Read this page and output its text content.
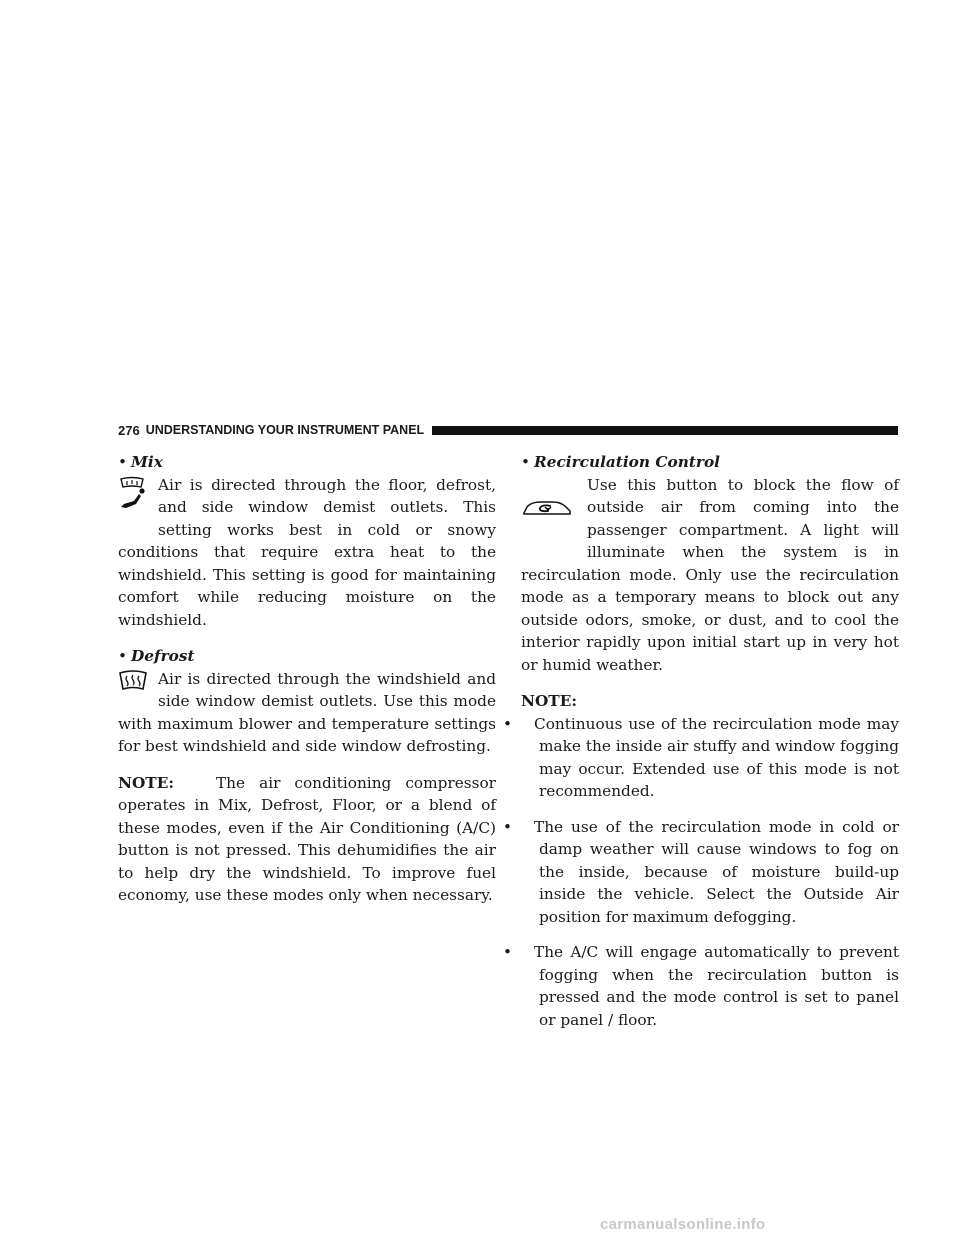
276 UNDERSTANDING YOUR INSTRUMENT PANEL

• Mix

Air is directed through the floor, defrost, and side window demist outlets. This setting works best in cold or snowy conditions that require extra heat to the windshield. This setting is good for maintaining comfort while reducing moisture on the windshield.

• Defrost

Air is directed through the windshield and side window demist outlets. Use this mode with maximum blower and temperature settings for best windshield and side window defrosting.

NOTE:	The air conditioning compressor operates in Mix, Defrost, Floor, or a blend of these modes, even if the Air Conditioning (A/C) button is not pressed. This dehumidifies the air to help dry the windshield. To improve fuel economy, use these modes only when necessary.

• Recirculation Control

Use this button to block the flow of outside air from coming into the passenger compartment. A light will illuminate when the system is in recirculation mode. Only use the recirculation mode as a temporary means to block out any outside odors, smoke, or dust, and to cool the interior rapidly upon initial start up in very hot or humid weather.

NOTE:

• Continuous use of the recirculation mode may make the inside air stuffy and window fogging may occur. Extended use of this mode is not recommended.

• The use of the recirculation mode in cold or damp weather will cause windows to fog on the inside, because of moisture build-up inside the vehicle. Select the Outside Air position for maximum defogging.

• The A/C will engage automatically to prevent fogging when the recirculation button is pressed and the mode control is set to panel or panel / floor.

carmanualsonline.info
